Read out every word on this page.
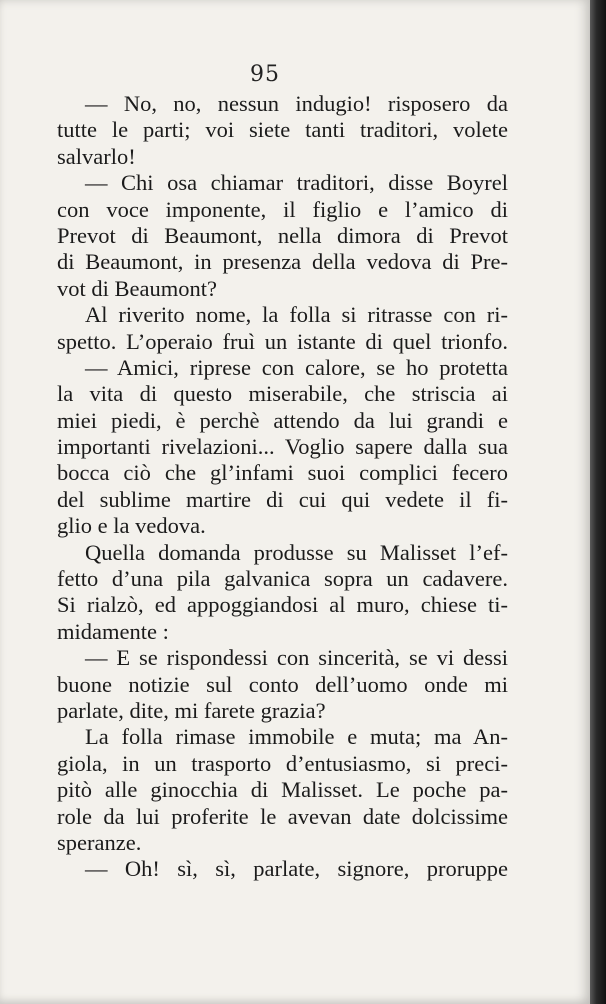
95
— No, no, nessun indugio! risposero da
tutte le parti; voi siete tanti traditori, volete
salvarlo!
— Chi osa chiamar traditori, disse Boyrel
con voce imponente, il figlio e l’amico di
Prevot di Beaumont, nella dimora di Prevot
di Beaumont, in presenza della vedova di Pre-
vot di Beaumont?
Al riverito nome, la folla si ritrasse con ri-
spetto. L’operaio fruì un istante di quel trionfo.
— Amici, riprese con calore, se ho protetta
la vita di questo miserabile, che striscia ai
miei piedi, è perchè attendo da lui grandi e
importanti rivelazioni... Voglio sapere dalla sua
bocca ciò che gl’infami suoi complici fecero
del sublime martire di cui qui vedete il fi-
glio e la vedova.
Quella domanda produsse su Malisset l’ef-
fetto d’una pila galvanica sopra un cadavere.
Si rialzò, ed appoggiandosi al muro, chiese ti-
midamente :
— E se rispondessi con sincerità, se vi dessi
buone notizie sul conto dell’uomo onde mi
parlate, dite, mi farete grazia?
La folla rimase immobile e muta; ma An-
giola, in un trasporto d’entusiasmo, si preci-
pitò alle ginocchia di Malisset. Le poche pa-
role da lui proferite le avevan date dolcissime
speranze.
— Oh! sì, sì, parlate, signore, proruppe
